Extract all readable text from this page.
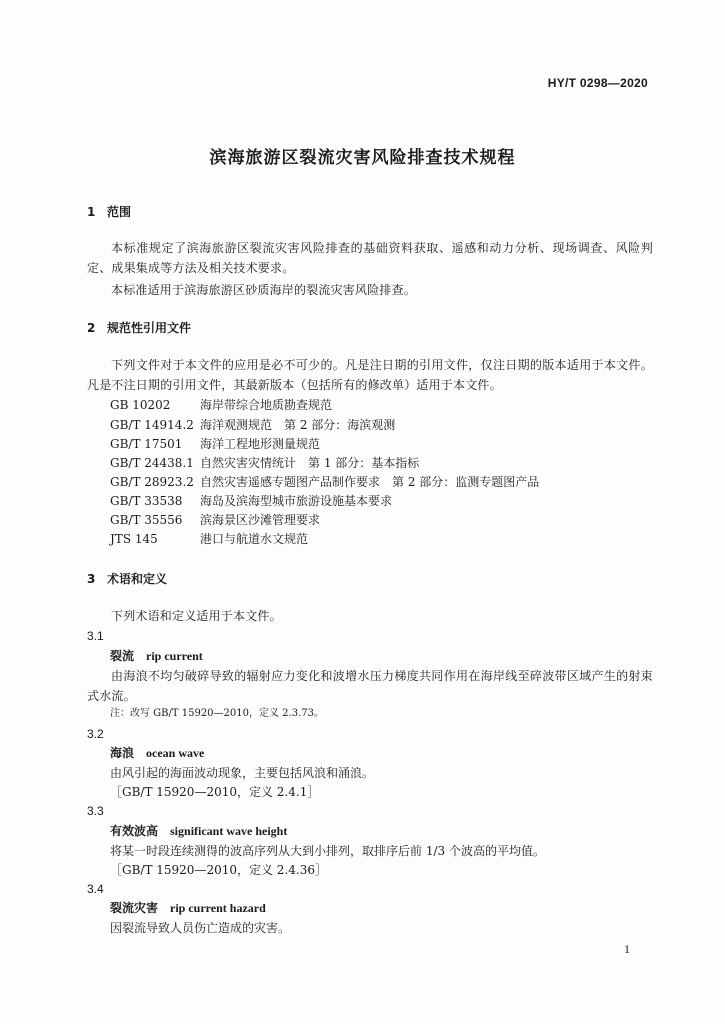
HY/T 0298—2020
滨海旅游区裂流灾害风险排查技术规程
1 范围
本标准规定了滨海旅游区裂流灾害风险排查的基础资料获取、遥感和动力分析、现场调查、风险判定、成果集成等方法及相关技术要求。
本标准适用于滨海旅游区砂质海岸的裂流灾害风险排查。
2 规范性引用文件
下列文件对于本文件的应用是必不可少的。凡是注日期的引用文件，仅注日期的版本适用于本文件。凡是不注日期的引用文件，其最新版本（包括所有的修改单）适用于本文件。
GB 10202 海岸带综合地质勘查规范
GB/T 14914.2 海洋观测规范　第 2 部分：海滨观测
GB/T 17501 海洋工程地形测量规范
GB/T 24438.1 自然灾害灾情统计　第 1 部分：基本指标
GB/T 28923.2 自然灾害遥感专题图产品制作要求　第 2 部分：监测专题图产品
GB/T 33538 海岛及滨海型城市旅游设施基本要求
GB/T 35556 滨海景区沙滩管理要求
JTS 145	港口与航道水文规范
3 术语和定义
下列术语和定义适用于本文件。
3.1
裂流 rip current
由海浪不均匀破碎导致的辐射应力变化和波增水压力梯度共同作用在海岸线至碎波带区域产生的射束式水流。
注：改写 GB/T 15920—2010，定义 2.3.73。
3.2
海浪 ocean wave
由风引起的海面波动现象，主要包括风浪和涌浪。
［GB/T 15920—2010，定义 2.4.1］
3.3
有效波高 significant wave height
将某一时段连续测得的波高序列从大到小排列，取排序后前 1/3 个波高的平均值。
［GB/T 15920—2010，定义 2.4.36］
3.4
裂流灾害 rip current hazard
因裂流导致人员伤亡造成的灾害。
1
